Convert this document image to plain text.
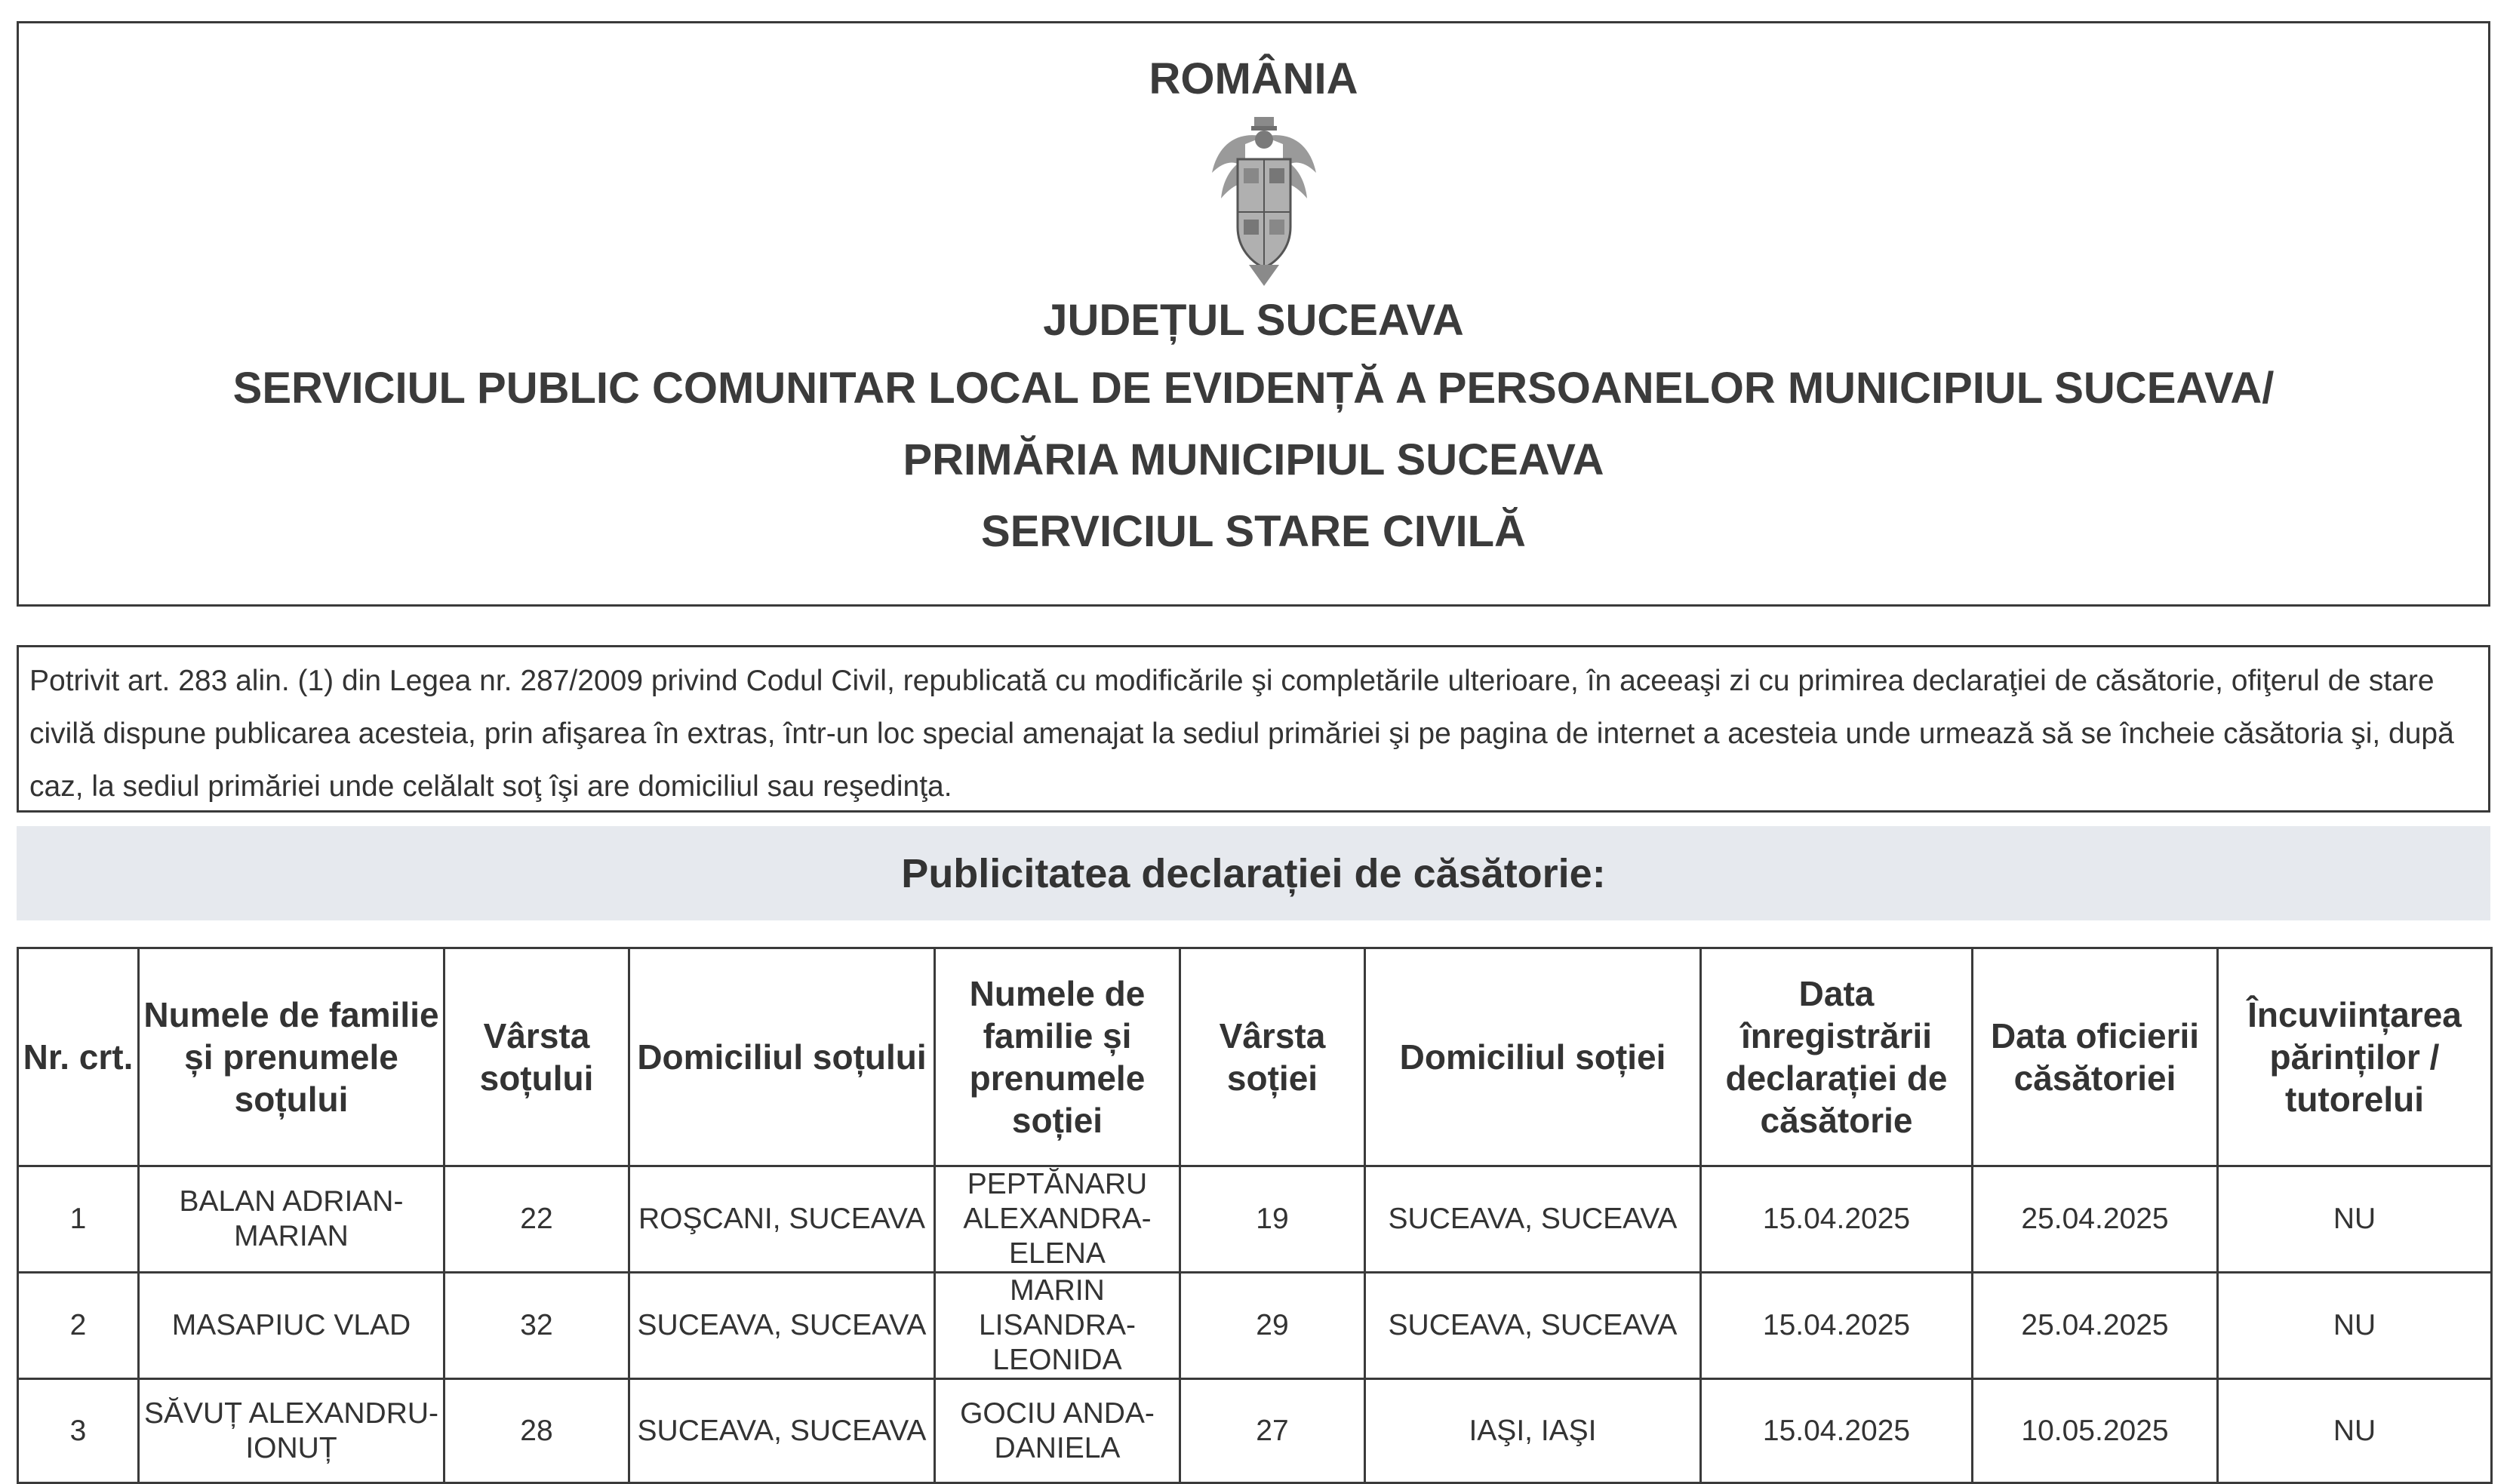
ROMÂNIA
JUDEȚUL SUCEAVA
SERVICIUL PUBLIC COMUNITAR LOCAL DE EVIDENȚĂ A PERSOANELOR MUNICIPIUL SUCEAVA/
PRIMĂRIA MUNICIPIUL SUCEAVA
SERVICIUL STARE CIVILĂ
Potrivit art. 283 alin. (1) din Legea nr. 287/2009 privind Codul Civil, republicată cu modificările şi completările ulterioare, în aceeaşi zi cu primirea declaraţiei de căsătorie, ofiţerul de stare civilă dispune publicarea acesteia, prin afişarea în extras, într-un loc special amenajat la sediul primăriei şi pe pagina de internet a acesteia unde urmează să se încheie căsătoria şi, după caz, la sediul primăriei unde celălalt soţ îşi are domiciliul sau reşedinţa.
Publicitatea declarației de căsătorie:
Nr. crt.	Numele de familie și prenumele soțului	Vârsta soțului	Domiciliul soțului	Numele de familie și prenumele soției	Vârsta soției	Domiciliul soției	Data înregistrării declarației de căsătorie	Data oficierii căsătoriei	Încuviințarea părinților / tutorelui
1	BALAN ADRIAN-MARIAN	22	ROŞCANI, SUCEAVA	PEPTĂNARU ALEXANDRA-ELENA	19	SUCEAVA, SUCEAVA	15.04.2025	25.04.2025	NU
2	MASAPIUC VLAD	32	SUCEAVA, SUCEAVA	MARIN LISANDRA-LEONIDA	29	SUCEAVA, SUCEAVA	15.04.2025	25.04.2025	NU
3	SĂVUȚ ALEXANDRU-IONUȚ	28	SUCEAVA, SUCEAVA	GOCIU ANDA-DANIELA	27	IAŞI, IAŞI	15.04.2025	10.05.2025	NU
